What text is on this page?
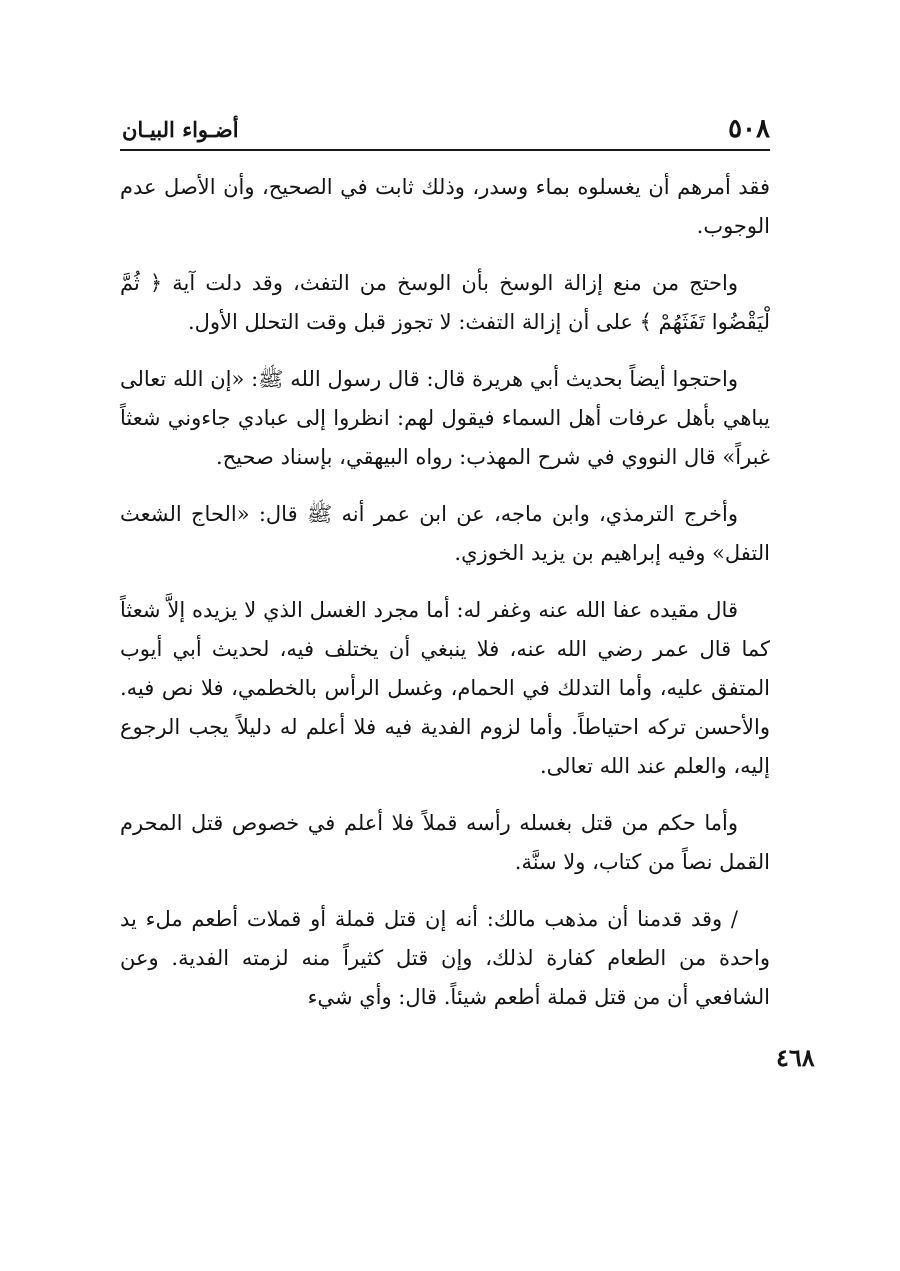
٥٠٨
أضـواء البيـان

فقد أمرهم أن يغسلوه بماء وسدر، وذلك ثابت في الصحيح، وأن الأصل عدم الوجوب.

واحتج من منع إزالة الوسخ بأن الوسخ من التفث، وقد دلت آية ﴿ ثُمَّ لْيَقْضُوا تَفَثَهُمْ ﴾ على أن إزالة التفث: لا تجوز قبل وقت التحلل الأول.

واحتجوا أيضاً بحديث أبي هريرة قال: قال رسول الله ﷺ: «إن الله تعالى يباهي بأهل عرفات أهل السماء فيقول لهم: انظروا إلى عبادي جاءوني شعثاً غبراً» قال النووي في شرح المهذب: رواه البيهقي، بإسناد صحيح.

وأخرج الترمذي، وابن ماجه، عن ابن عمر أنه ﷺ قال: «الحاج الشعث التفل» وفيه إبراهيم بن يزيد الخوزي.

قال مقيده عفا الله عنه وغفر له: أما مجرد الغسل الذي لا يزيده إلاَّ شعثاً كما قال عمر رضي الله عنه، فلا ينبغي أن يختلف فيه، لحديث أبي أيوب المتفق عليه، وأما التدلك في الحمام، وغسل الرأس بالخطمي، فلا نص فيه. والأحسن تركه احتياطاً. وأما لزوم الفدية فيه فلا أعلم له دليلاً يجب الرجوع إليه، والعلم عند الله تعالى.

وأما حكم من قتل بغسله رأسه قملاً فلا أعلم في خصوص قتل المحرم القمل نصاً من كتاب، ولا سنَّة.

/ وقد قدمنا أن مذهب مالك: أنه إن قتل قملة أو قملات أطعم ملء يد واحدة من الطعام كفارة لذلك، وإن قتل كثيراً منه لزمته الفدية. وعن الشافعي أن من قتل قملة أطعم شيئاً. قال: وأي شيء

٤٦٨
